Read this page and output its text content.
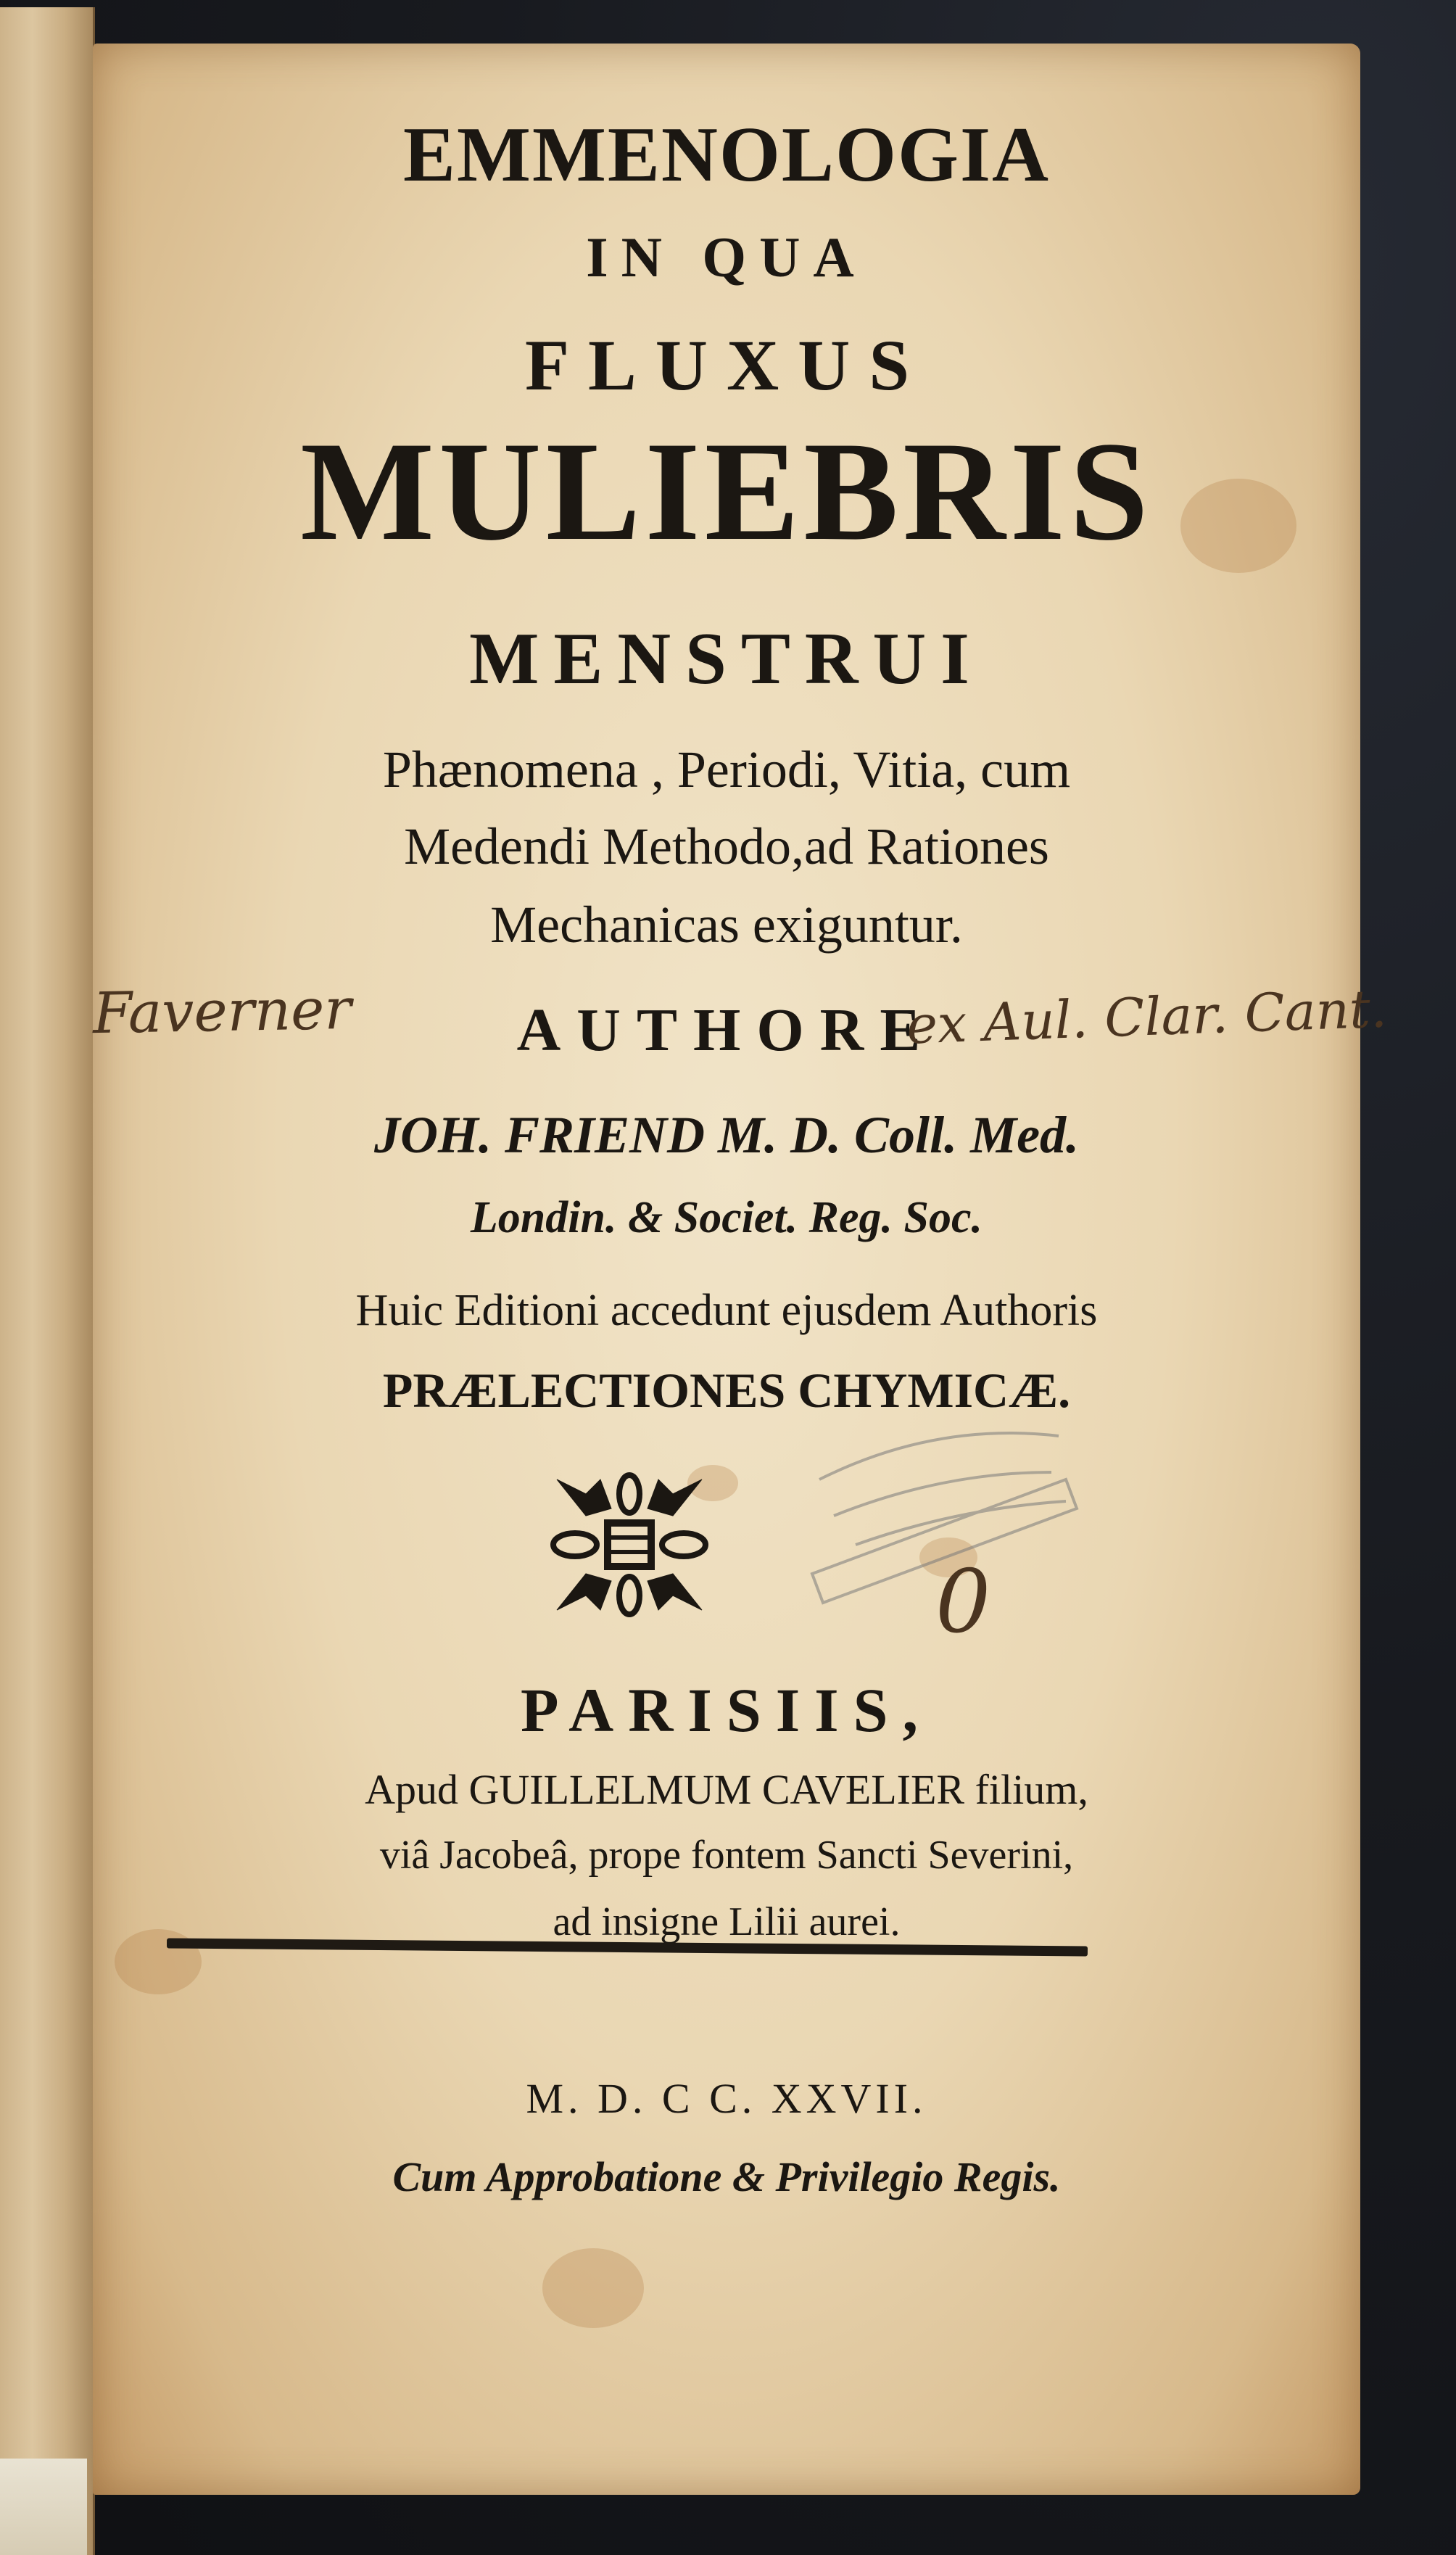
EMMENOLOGIA
IN QUA
FLUXUS
MULIEBRIS
MENSTRUI
Phænomena , Periodi, Vitia, cum
Medendi Methodo,ad Rationes
Mechanicas exiguntur.
AUTHORE
JOH. FRIEND M. D. Coll. Med.
Londin. & Societ. Reg. Soc.
Huic Editioni accedunt ejusdem Authoris
PRÆLECTIONES CHYMICÆ.
PARISIIS,
Apud GUILLELMUM CAVELIER filium,
viâ Jacobeâ, prope fontem Sancti Severini,
ad insigne Lilii aurei.
M. D. C C. XXVII.
Cum Approbatione & Privilegio Regis.
Faverner	ex Aul. Clar. Cant.
0
